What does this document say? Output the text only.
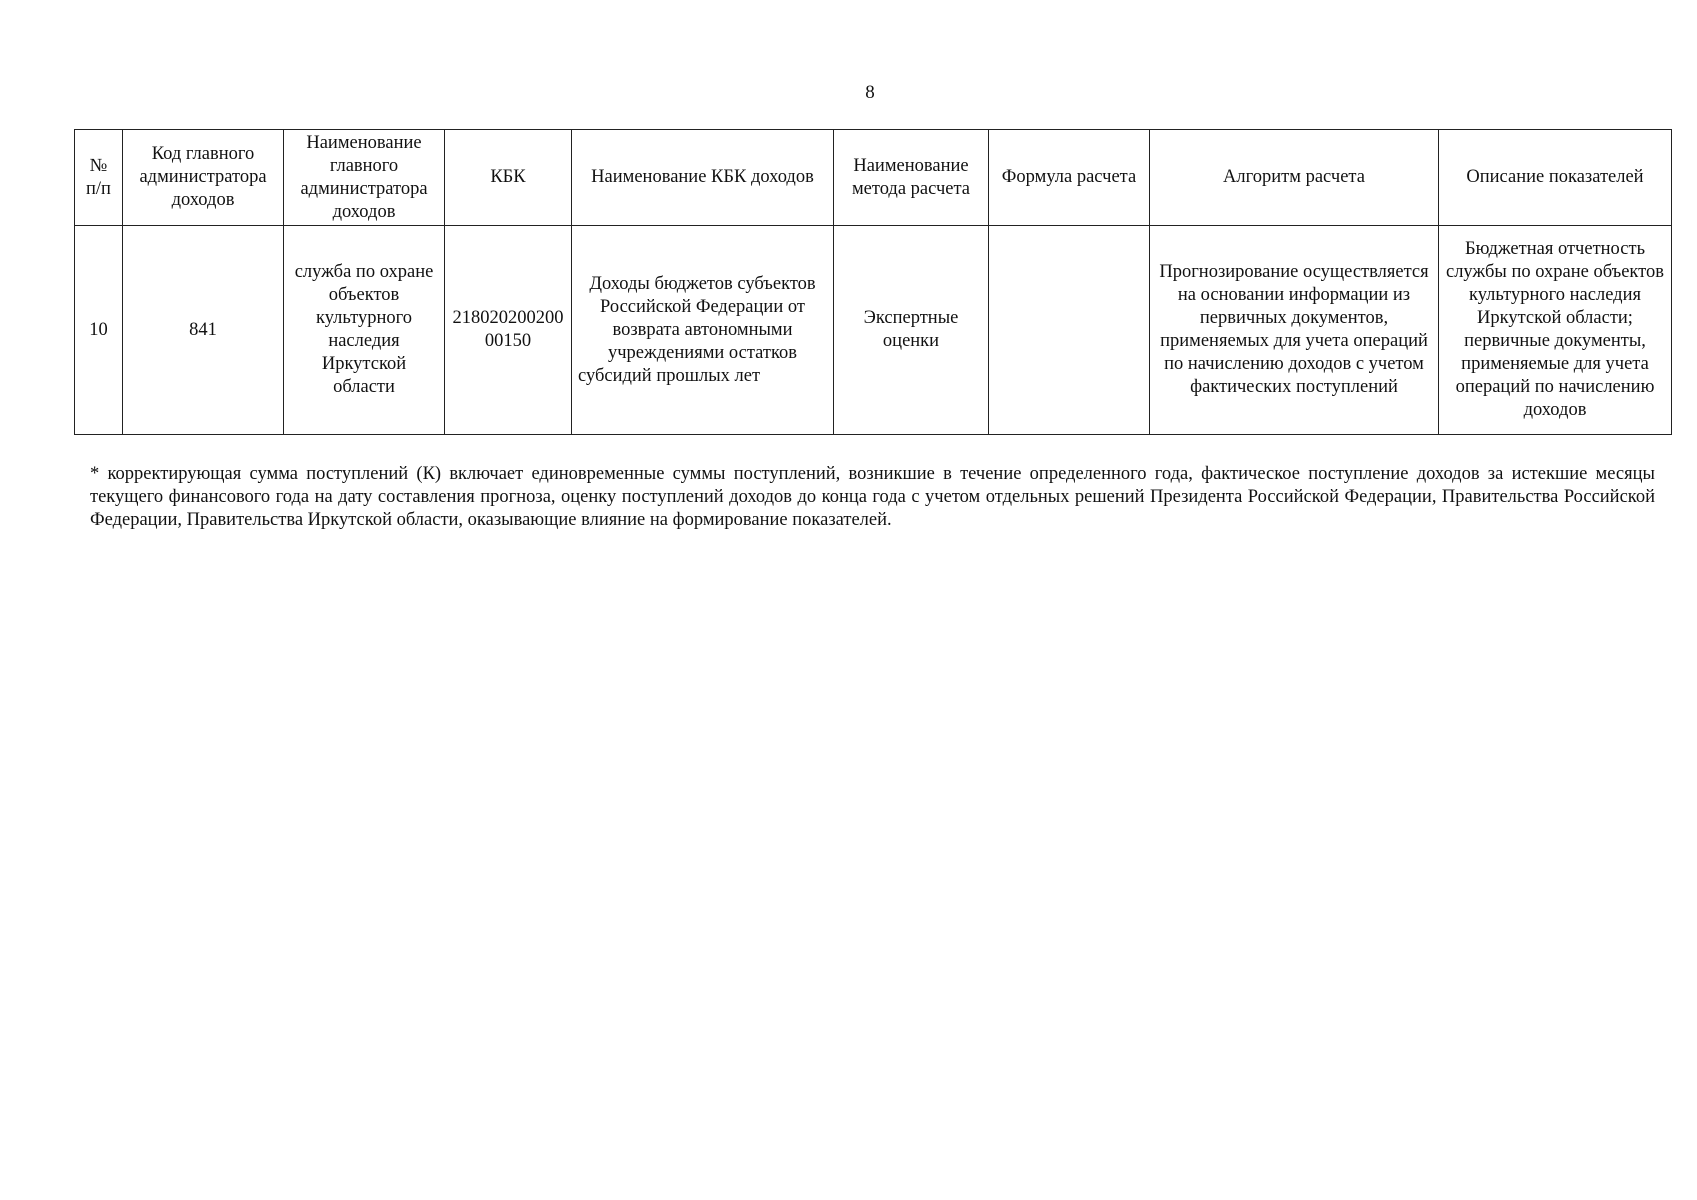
8
№ п/п	Код главного администратора доходов	Наименование главного администратора доходов	КБК	Наименование КБК доходов	Наименование метода расчета	Формула расчета	Алгоритм расчета	Описание показателей
10	841	служба по охране объектов культурного наследия Иркутской области	21802020020000150	Доходы бюджетов субъектов Российской Федерации от возврата автономными учреждениями остатков субсидий прошлых лет	Экспертные оценки		Прогнозирование осуществляется на основании информации из первичных документов, применяемых для учета операций по начислению доходов с учетом фактических поступлений	Бюджетная отчетность службы по охране объектов культурного наследия Иркутской области; первичные документы, применяемые для учета операций по начислению доходов
* корректирующая сумма поступлений (К) включает единовременные суммы поступлений, возникшие в течение определенного года, фактическое поступление доходов за истекшие месяцы текущего финансового года на дату составления прогноза, оценку поступлений доходов до конца года с учетом отдельных решений Президента Российской Федерации, Правительства Российской Федерации, Правительства Иркутской области, оказывающие влияние на формирование показателей.
